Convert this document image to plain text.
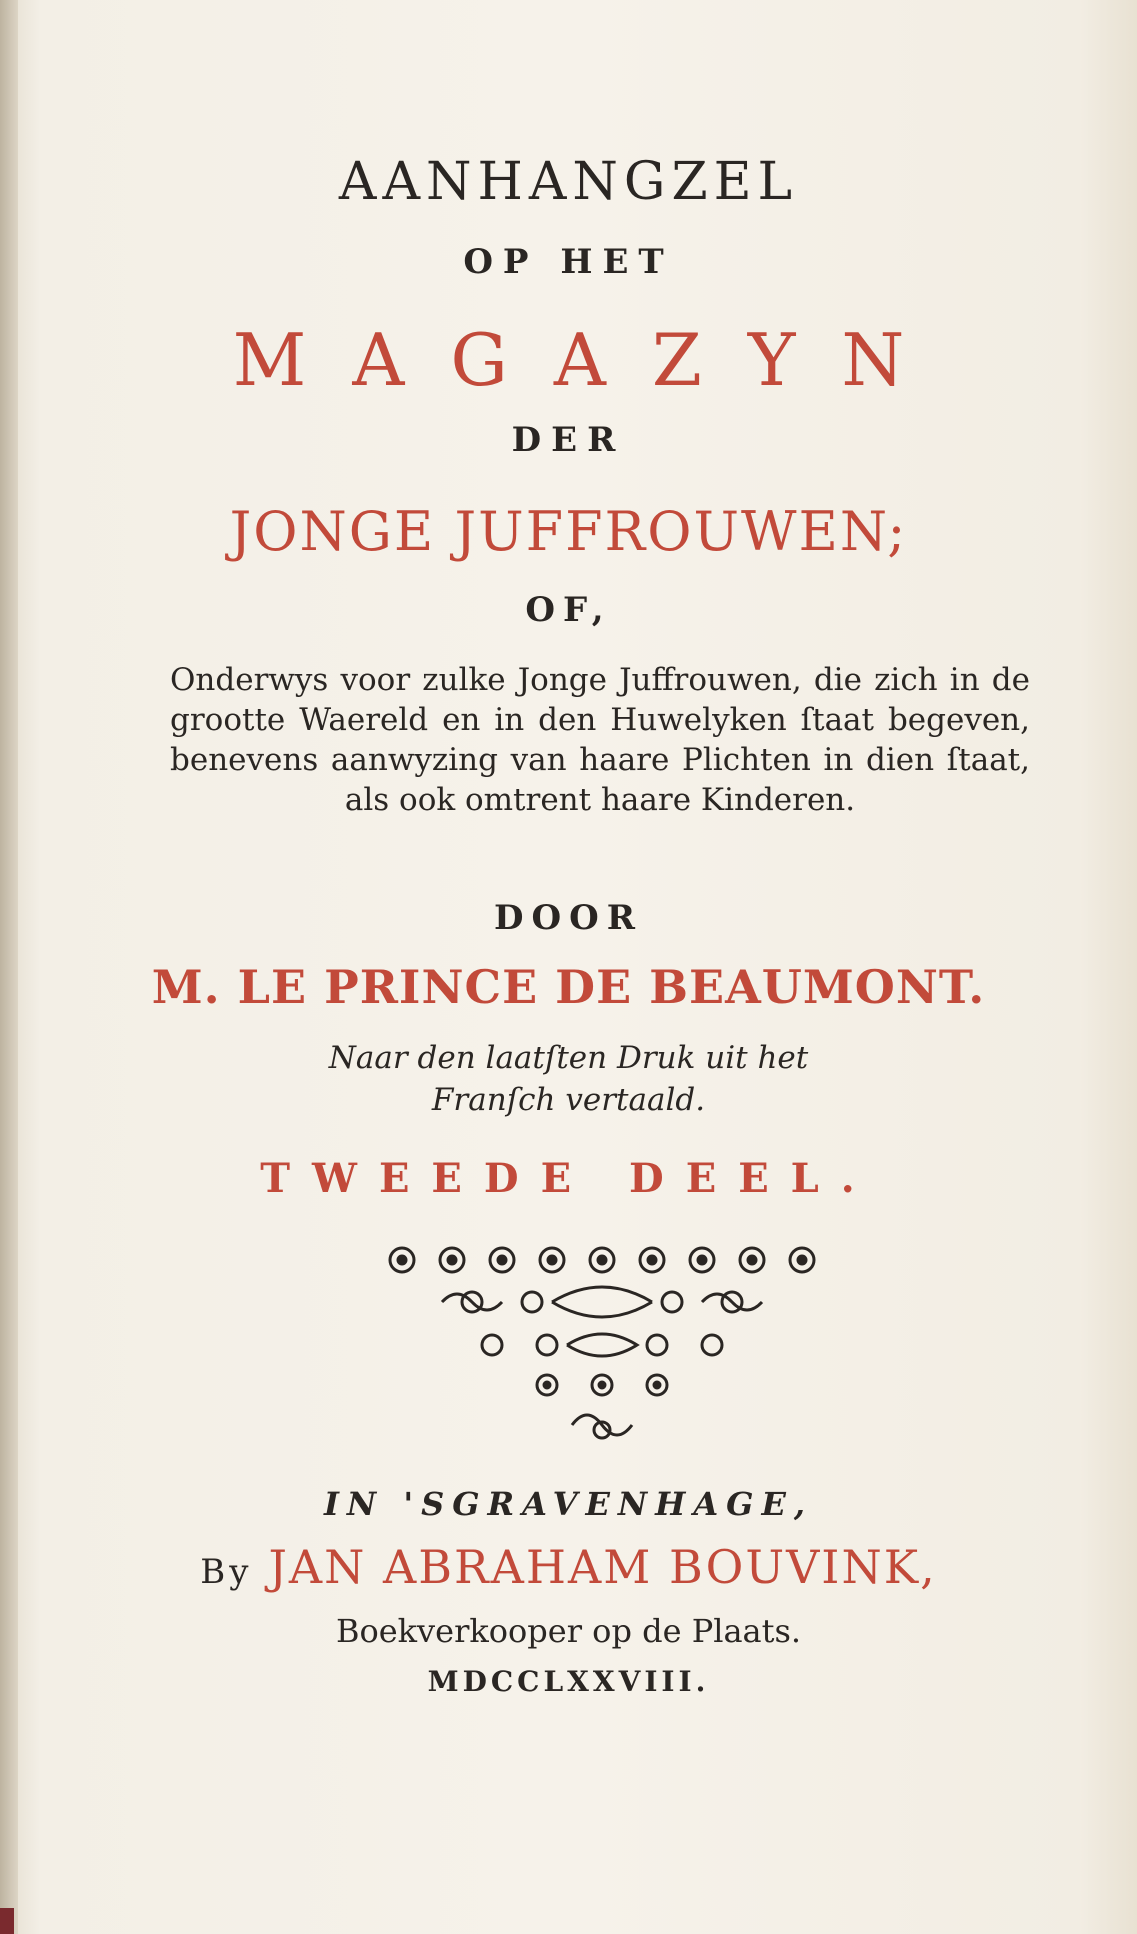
AANHANGZEL
OP HET
MAGAZYN
DER
JONGE JUFFROUWEN;
OF,
Onderwys voor zulke Jonge Juffrouwen, die zich in de grootte Waereld en in den Huwelyken ſtaat begeven, benevens aanwyzing van haare Plichten in dien ſtaat, als ook omtrent haare Kinderen.
DOOR
M. LE PRINCE DE BEAUMONT.
Naar den laatſten Druk uit het
Franſch vertaald.
TWEEDE DEEL.
IN 'SGRAVENHAGE,
By JAN ABRAHAM BOUVINK,
Boekverkooper op de Plaats.
MDCCLXXVIII.
